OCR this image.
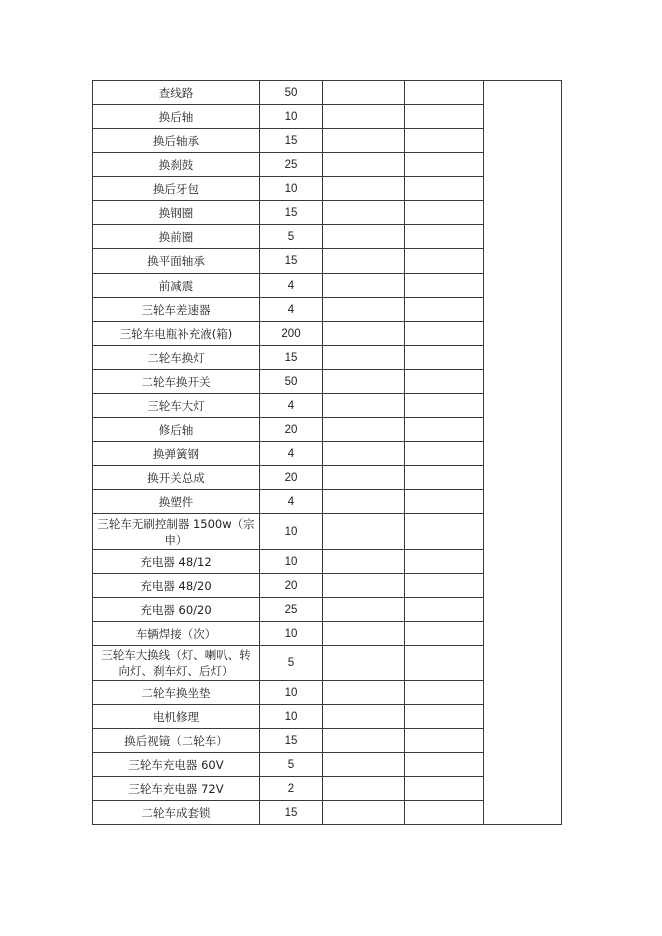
查线路	50			
换后轴	10			
换后轴承	15			
换刹鼓	25			
换后牙包	10			
换钢圈	15			
换前圈	5			
换平面轴承	15			
前减震	4			
三轮车差速器	4			
三轮车电瓶补充液(箱)	200			
二轮车换灯	15			
二轮车换开关	50			
三轮车大灯	4			
修后轴	20			
换弹簧钢	4			
换开关总成	20			
换塑件	4			
三轮车无刷控制器 1500w（宗申）	10			
充电器 48/12	10			
充电器 48/20	20			
充电器 60/20	25			
车辆焊接（次）	10			
三轮车大换线（灯、喇叭、转向灯、刹车灯、后灯）	5			
二轮车换坐垫	10			
电机修理	10			
换后视镜（二轮车）	15			
三轮车充电器 60V	5			
三轮车充电器 72V	2			
二轮车成套锁	15			
